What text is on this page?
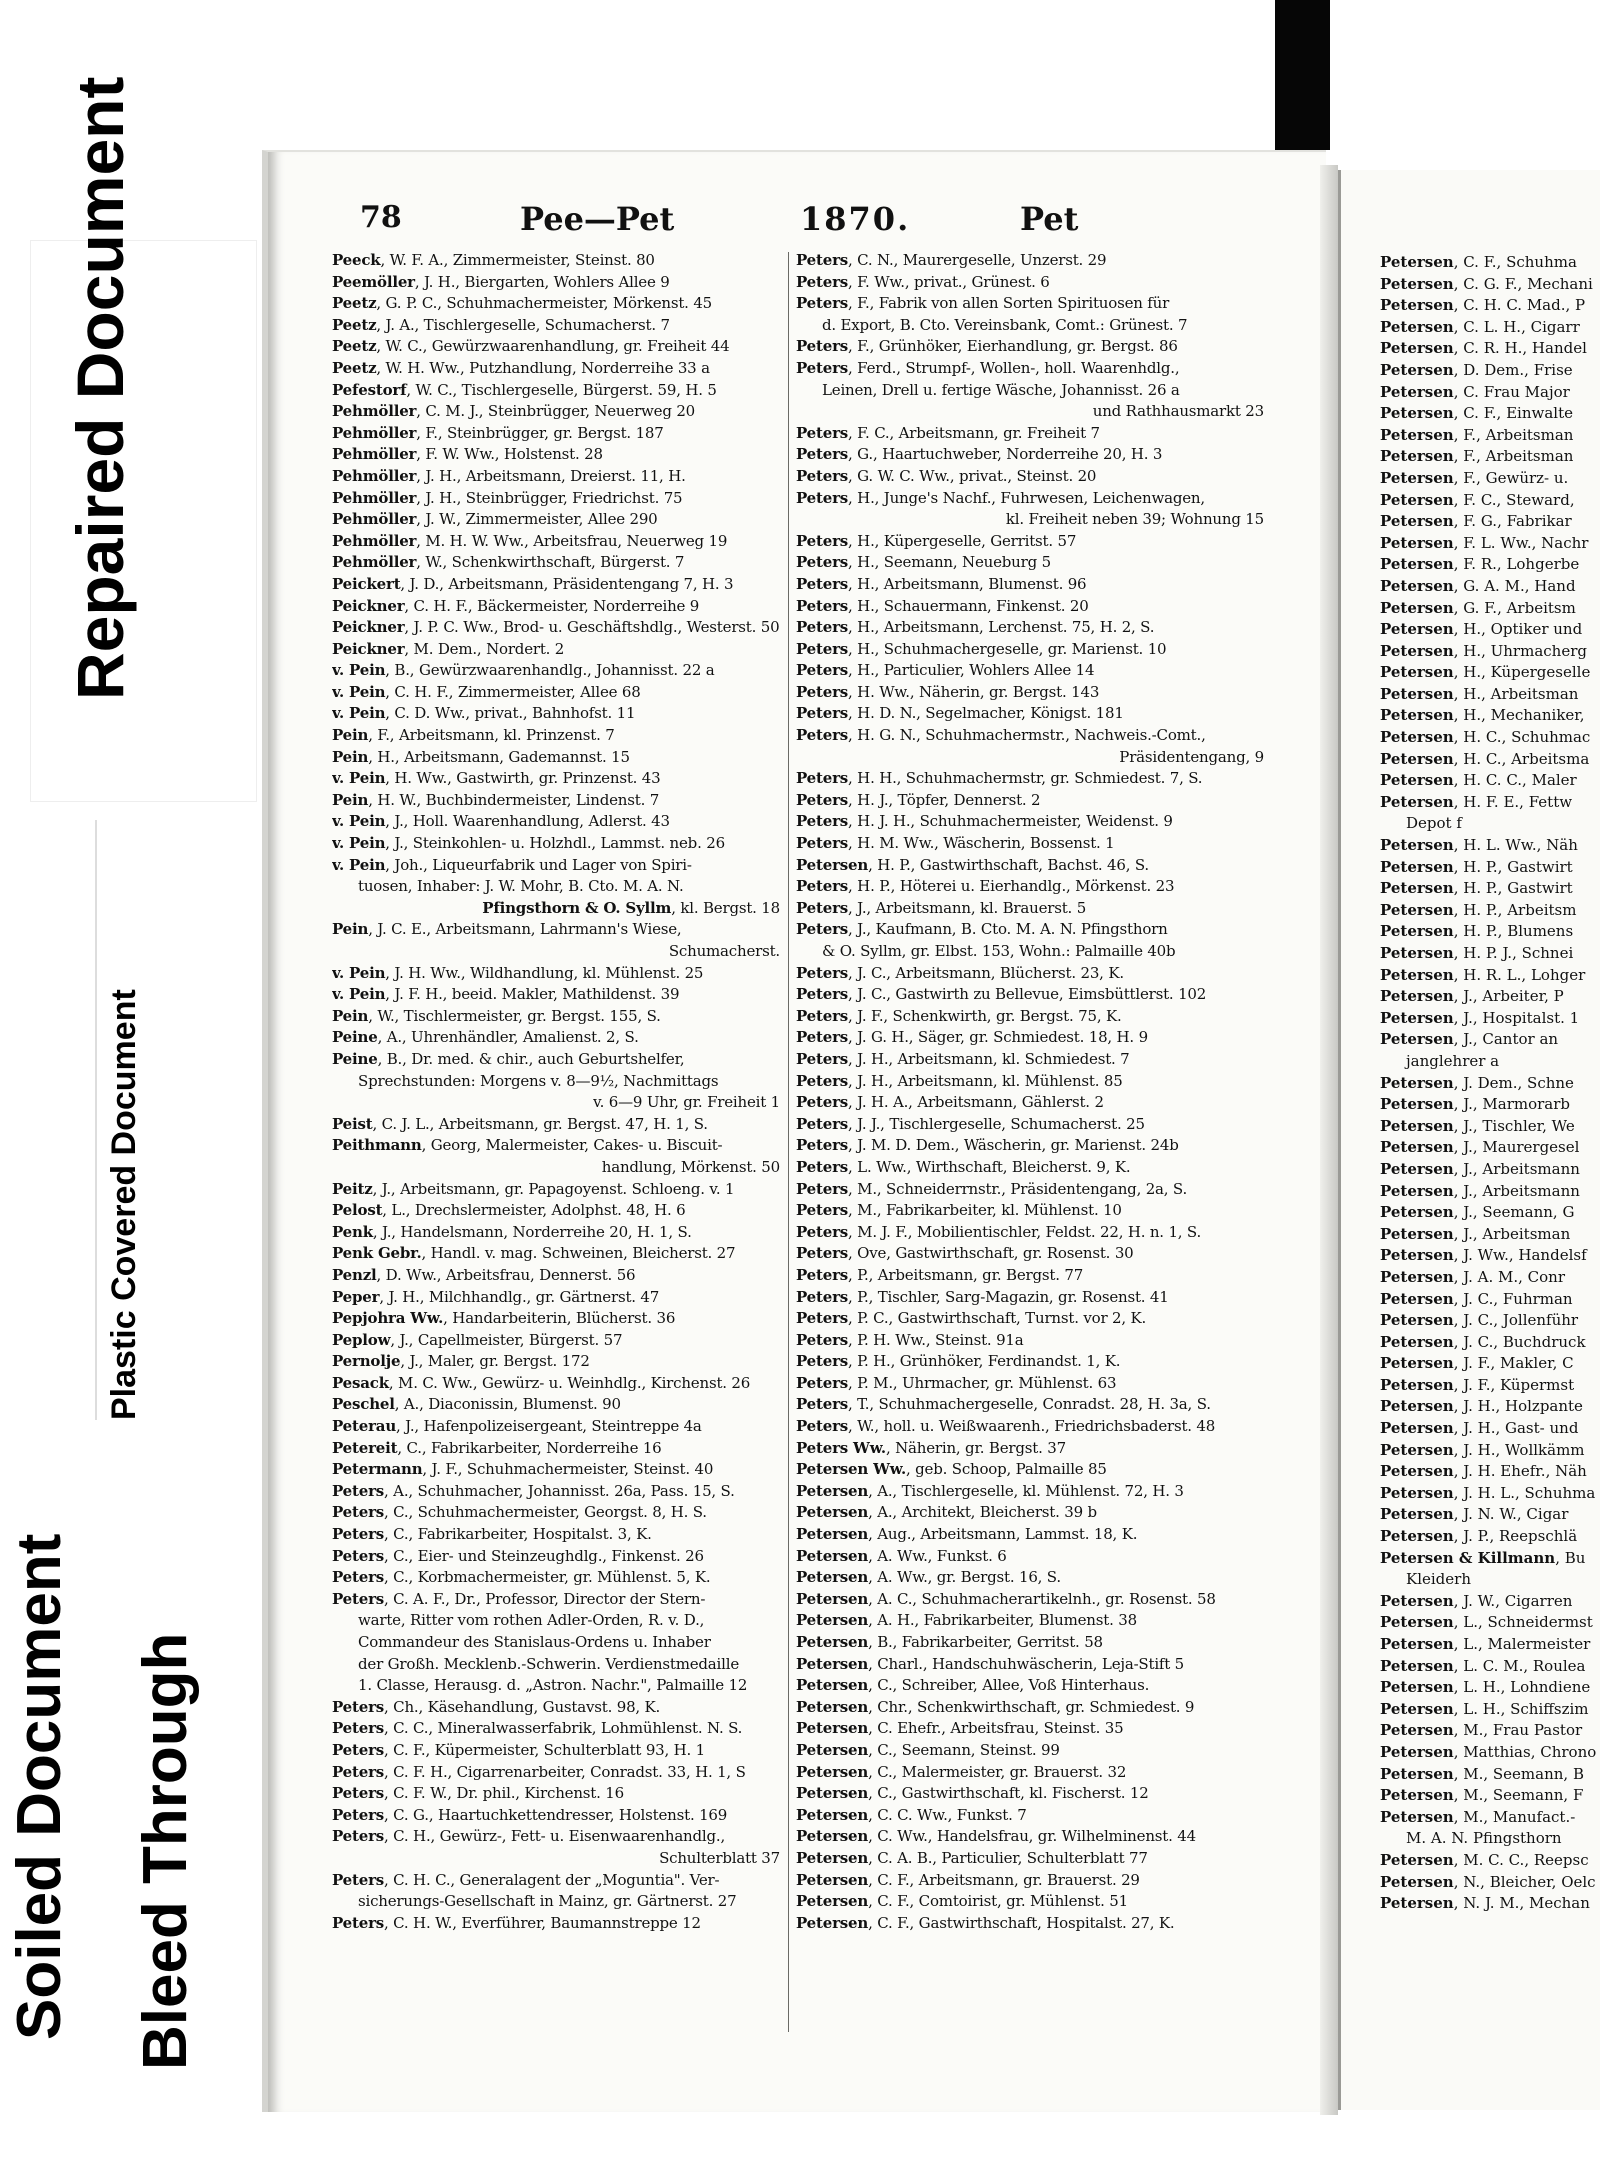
78	Pee—Pet	1870.	Pet
Peeck, W. F. A., Zimmermeister, Steinst. 80
Peemöller, J. H., Biergarten, Wohlers Allee 9
Peetz, G. P. C., Schuhmachermeister, Mörkenst. 45
Peetz, J. A., Tischlergeselle, Schumacherst. 7
Peetz, W. C., Gewürzwaarenhandlung, gr. Freiheit 44
Peetz, W. H. Ww., Putzhandlung, Norderreihe 33 a
Pefestorf, W. C., Tischlergeselle, Bürgerst. 59, H. 5
Pehmöller, C. M. J., Steinbrügger, Neuerweg 20
Pehmöller, F., Steinbrügger, gr. Bergst. 187
Pehmöller, F. W. Ww., Holstenst. 28
Pehmöller, J. H., Arbeitsmann, Dreierst. 11, H.
Pehmöller, J. H., Steinbrügger, Friedrichst. 75
Pehmöller, J. W., Zimmermeister, Allee 290
Pehmöller, M. H. W. Ww., Arbeitsfrau, Neuerweg 19
Pehmöller, W., Schenkwirthschaft, Bürgerst. 7
Peickert, J. D., Arbeitsmann, Präsidentengang 7, H. 3
Peickner, C. H. F., Bäckermeister, Norderreihe 9
Peickner, J. P. C. Ww., Brod- u. Geschäftshdlg., Westerst. 50
Peickner, M. Dem., Nordert. 2
v. Pein, B., Gewürzwaarenhandlg., Johannisst. 22 a
v. Pein, C. H. F., Zimmermeister, Allee 68
v. Pein, C. D. Ww., privat., Bahnhofst. 11
Pein, F., Arbeitsmann, kl. Prinzenst. 7
Pein, H., Arbeitsmann, Gademannst. 15
v. Pein, H. Ww., Gastwirth, gr. Prinzenst. 43
Pein, H. W., Buchbindermeister, Lindenst. 7
v. Pein, J., Holl. Waarenhandlung, Adlerst. 43
v. Pein, J., Steinkohlen- u. Holzhdl., Lammst. neb. 26
v. Pein, Joh., Liqueurfabrik und Lager von Spiri-
tuosen, Inhaber: J. W. Mohr, B. Cto. M. A. N.
Pfingsthorn & O. Syllm, kl. Bergst. 18
Pein, J. C. E., Arbeitsmann, Lahrmann's Wiese,
Schumacherst.
v. Pein, J. H. Ww., Wildhandlung, kl. Mühlenst. 25
v. Pein, J. F. H., beeid. Makler, Mathildenst. 39
Pein, W., Tischlermeister, gr. Bergst. 155, S.
Peine, A., Uhrenhändler, Amalienst. 2, S.
Peine, B., Dr. med. & chir., auch Geburtshelfer,
Sprechstunden: Morgens v. 8—9½, Nachmittags
v. 6—9 Uhr, gr. Freiheit 1
Peist, C. J. L., Arbeitsmann, gr. Bergst. 47, H. 1, S.
Peithmann, Georg, Malermeister, Cakes- u. Biscuit-
handlung, Mörkenst. 50
Peitz, J., Arbeitsmann, gr. Papagoyenst. Schloeng. v. 1
Pelost, L., Drechslermeister, Adolphst. 48, H. 6
Penk, J., Handelsmann, Norderreihe 20, H. 1, S.
Penk Gebr., Handl. v. mag. Schweinen, Bleicherst. 27
Penzl, D. Ww., Arbeitsfrau, Dennerst. 56
Peper, J. H., Milchhandlg., gr. Gärtnerst. 47
Pepjohra Ww., Handarbeiterin, Blücherst. 36
Peplow, J., Capellmeister, Bürgerst. 57
Pernolje, J., Maler, gr. Bergst. 172
Pesack, M. C. Ww., Gewürz- u. Weinhdlg., Kirchenst. 26
Peschel, A., Diaconissin, Blumenst. 90
Peterau, J., Hafenpolizeisergeant, Steintreppe 4a
Petereit, C., Fabrikarbeiter, Norderreihe 16
Petermann, J. F., Schuhmachermeister, Steinst. 40
Peters, A., Schuhmacher, Johannisst. 26a, Pass. 15, S.
Peters, C., Schuhmachermeister, Georgst. 8, H. S.
Peters, C., Fabrikarbeiter, Hospitalst. 3, K.
Peters, C., Eier- und Steinzeughdlg., Finkenst. 26
Peters, C., Korbmachermeister, gr. Mühlenst. 5, K.
Peters, C. A. F., Dr., Professor, Director der Stern-
warte, Ritter vom rothen Adler-Orden, R. v. D.,
Commandeur des Stanislaus-Ordens u. Inhaber
der Großh. Mecklenb.-Schwerin. Verdienstmedaille
1. Classe, Herausg. d. „Astron. Nachr.", Palmaille 12
Peters, Ch., Käsehandlung, Gustavst. 98, K.
Peters, C. C., Mineralwasserfabrik, Lohmühlenst. N. S.
Peters, C. F., Küpermeister, Schulterblatt 93, H. 1
Peters, C. F. H., Cigarrenarbeiter, Conradst. 33, H. 1, S
Peters, C. F. W., Dr. phil., Kirchenst. 16
Peters, C. G., Haartuchkettendresser, Holstenst. 169
Peters, C. H., Gewürz-, Fett- u. Eisenwaarenhandlg.,
Schulterblatt 37
Peters, C. H. C., Generalagent der „Moguntia". Ver-
sicherungs-Gesellschaft in Mainz, gr. Gärtnerst. 27
Peters, C. H. W., Everführer, Baumannstreppe 12
Peters, C. N., Maurergeselle, Unzerst. 29
Peters, F. Ww., privat., Grünest. 6
Peters, F., Fabrik von allen Sorten Spirituosen für
d. Export, B. Cto. Vereinsbank, Comt.: Grünest. 7
Peters, F., Grünhöker, Eierhandlung, gr. Bergst. 86
Peters, Ferd., Strumpf-, Wollen-, holl. Waarenhdlg.,
Leinen, Drell u. fertige Wäsche, Johannisst. 26 a
und Rathhausmarkt 23
Peters, F. C., Arbeitsmann, gr. Freiheit 7
Peters, G., Haartuchweber, Norderreihe 20, H. 3
Peters, G. W. C. Ww., privat., Steinst. 20
Peters, H., Junge's Nachf., Fuhrwesen, Leichenwagen,
kl. Freiheit neben 39; Wohnung 15
Peters, H., Küpergeselle, Gerritst. 57
Peters, H., Seemann, Neueburg 5
Peters, H., Arbeitsmann, Blumenst. 96
Peters, H., Schauermann, Finkenst. 20
Peters, H., Arbeitsmann, Lerchenst. 75, H. 2, S.
Peters, H., Schuhmachergeselle, gr. Marienst. 10
Peters, H., Particulier, Wohlers Allee 14
Peters, H. Ww., Näherin, gr. Bergst. 143
Peters, H. D. N., Segelmacher, Königst. 181
Peters, H. G. N., Schuhmachermstr., Nachweis.-Comt.,
Präsidentengang, 9
Peters, H. H., Schuhmachermstr, gr. Schmiedest. 7, S.
Peters, H. J., Töpfer, Dennerst. 2
Peters, H. J. H., Schuhmachermeister, Weidenst. 9
Peters, H. M. Ww., Wäscherin, Bossenst. 1
Petersen, H. P., Gastwirthschaft, Bachst. 46, S.
Peters, H. P., Höterei u. Eierhandlg., Mörkenst. 23
Peters, J., Arbeitsmann, kl. Brauerst. 5
Peters, J., Kaufmann, B. Cto. M. A. N. Pfingsthorn
& O. Syllm, gr. Elbst. 153, Wohn.: Palmaille 40b
Peters, J. C., Arbeitsmann, Blücherst. 23, K.
Peters, J. C., Gastwirth zu Bellevue, Eimsbüttlerst. 102
Peters, J. F., Schenkwirth, gr. Bergst. 75, K.
Peters, J. G. H., Säger, gr. Schmiedest. 18, H. 9
Peters, J. H., Arbeitsmann, kl. Schmiedest. 7
Peters, J. H., Arbeitsmann, kl. Mühlenst. 85
Peters, J. H. A., Arbeitsmann, Gählerst. 2
Peters, J. J., Tischlergeselle, Schumacherst. 25
Peters, J. M. D. Dem., Wäscherin, gr. Marienst. 24b
Peters, L. Ww., Wirthschaft, Bleicherst. 9, K.
Peters, M., Schneiderrnstr., Präsidentengang, 2a, S.
Peters, M., Fabrikarbeiter, kl. Mühlenst. 10
Peters, M. J. F., Mobilientischler, Feldst. 22, H. n. 1, S.
Peters, Ove, Gastwirthschaft, gr. Rosenst. 30
Peters, P., Arbeitsmann, gr. Bergst. 77
Peters, P., Tischler, Sarg-Magazin, gr. Rosenst. 41
Peters, P. C., Gastwirthschaft, Turnst. vor 2, K.
Peters, P. H. Ww., Steinst. 91a
Peters, P. H., Grünhöker, Ferdinandst. 1, K.
Peters, P. M., Uhrmacher, gr. Mühlenst. 63
Peters, T., Schuhmachergeselle, Conradst. 28, H. 3a, S.
Peters, W., holl. u. Weißwaarenh., Friedrichsbaderst. 48
Peters Ww., Näherin, gr. Bergst. 37
Petersen Ww., geb. Schoop, Palmaille 85
Petersen, A., Tischlergeselle, kl. Mühlenst. 72, H. 3
Petersen, A., Architekt, Bleicherst. 39 b
Petersen, Aug., Arbeitsmann, Lammst. 18, K.
Petersen, A. Ww., Funkst. 6
Petersen, A. Ww., gr. Bergst. 16, S.
Petersen, A. C., Schuhmacherartikelnh., gr. Rosenst. 58
Petersen, A. H., Fabrikarbeiter, Blumenst. 38
Petersen, B., Fabrikarbeiter, Gerritst. 58
Petersen, Charl., Handschuhwäscherin, Leja-Stift 5
Petersen, C., Schreiber, Allee, Voß Hinterhaus.
Petersen, Chr., Schenkwirthschaft, gr. Schmiedest. 9
Petersen, C. Ehefr., Arbeitsfrau, Steinst. 35
Petersen, C., Seemann, Steinst. 99
Petersen, C., Malermeister, gr. Brauerst. 32
Petersen, C., Gastwirthschaft, kl. Fischerst. 12
Petersen, C. C. Ww., Funkst. 7
Petersen, C. Ww., Handelsfrau, gr. Wilhelminenst. 44
Petersen, C. A. B., Particulier, Schulterblatt 77
Petersen, C. F., Arbeitsmann, gr. Brauerst. 29
Petersen, C. F., Comtoirist, gr. Mühlenst. 51
Petersen, C. F., Gastwirthschaft, Hospitalst. 27, K.
Petersen, C. F., Schuhma
Petersen, C. G. F., Mechani
Petersen, C. H. C. Mad., P
Petersen, C. L. H., Cigarr
Petersen, C. R. H., Handel
Petersen, D. Dem., Frise
Petersen, C. Frau Major
Petersen, C. F., Einwalte
Petersen, F., Arbeitsman
Petersen, F., Arbeitsman
Petersen, F., Gewürz- u.
Petersen, F. C., Steward,
Petersen, F. G., Fabrikar
Petersen, F. L. Ww., Nachr
Petersen, F. R., Lohgerbe
Petersen, G. A. M., Hand
Petersen, G. F., Arbeitsm
Petersen, H., Optiker und
Petersen, H., Uhrmacherg
Petersen, H., Küpergeselle
Petersen, H., Arbeitsman
Petersen, H., Mechaniker,
Petersen, H. C., Schuhmac
Petersen, H. C., Arbeitsma
Petersen, H. C. C., Maler
Petersen, H. F. E., Fettw
Depot f
Petersen, H. L. Ww., Näh
Petersen, H. P., Gastwirt
Petersen, H. P., Gastwirt
Petersen, H. P., Arbeitsm
Petersen, H. P., Blumens
Petersen, H. P. J., Schnei
Petersen, H. R. L., Lohger
Petersen, J., Arbeiter, P
Petersen, J., Hospitalst. 1
Petersen, J., Cantor an
janglehrer a
Petersen, J. Dem., Schne
Petersen, J., Marmorarb
Petersen, J., Tischler, We
Petersen, J., Maurergesel
Petersen, J., Arbeitsmann
Petersen, J., Arbeitsmann
Petersen, J., Seemann, G
Petersen, J., Arbeitsman
Petersen, J. Ww., Handelsf
Petersen, J. A. M., Conr
Petersen, J. C., Fuhrman
Petersen, J. C., Jollenführ
Petersen, J. C., Buchdruck
Petersen, J. F., Makler, C
Petersen, J. F., Küpermst
Petersen, J. H., Holzpante
Petersen, J. H., Gast- und
Petersen, J. H., Wollkämm
Petersen, J. H. Ehefr., Näh
Petersen, J. H. L., Schuhma
Petersen, J. N. W., Cigar
Petersen, J. P., Reepschlä
Petersen & Killmann, Bu
Kleiderh
Petersen, J. W., Cigarren
Petersen, L., Schneidermst
Petersen, L., Malermeister
Petersen, L. C. M., Roulea
Petersen, L. H., Lohndiene
Petersen, L. H., Schiffszim
Petersen, M., Frau Pastor
Petersen, Matthias, Chrono
Petersen, M., Seemann, B
Petersen, M., Seemann, F
Petersen, M., Manufact.-
M. A. N. Pfingsthorn
Petersen, M. C. C., Reepsc
Petersen, N., Bleicher, Oelc
Petersen, N. J. M., Mechan
Repaired Document
Plastic Covered Document
Soiled Document Bleed Through
